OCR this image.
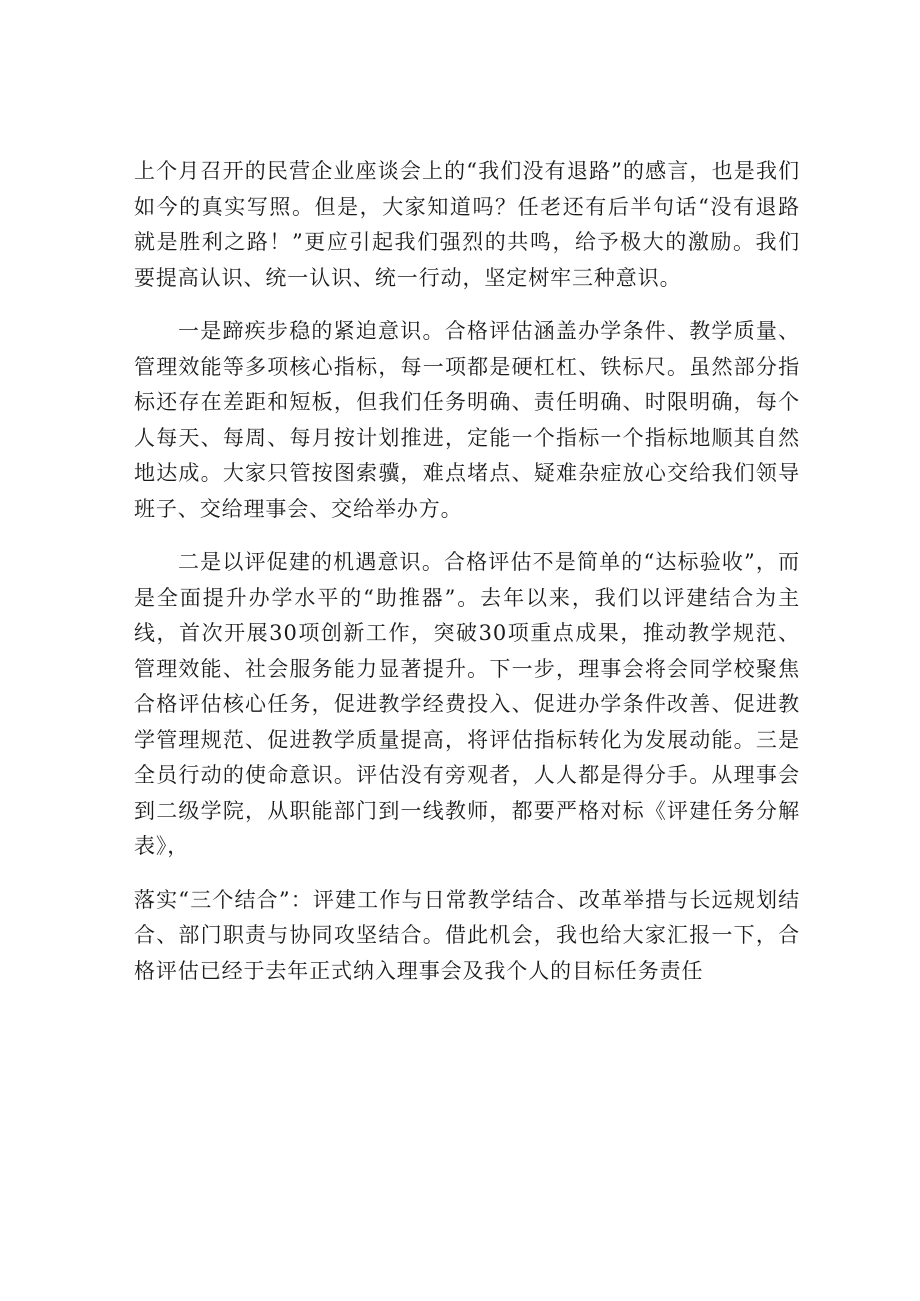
上个月召开的民营企业座谈会上的“我们没有退路”的感言，也是我们如今的真实写照。但是，大家知道吗？任老还有后半句话“没有退路就是胜利之路！”更应引起我们强烈的共鸣，给予极大的激励。我们要提高认识、统一认识、统一行动，坚定树牢三种意识。

一是蹄疾步稳的紧迫意识。合格评估涵盖办学条件、教学质量、管理效能等多项核心指标，每一项都是硬杠杠、铁标尺。虽然部分指标还存在差距和短板，但我们任务明确、责任明确、时限明确，每个人每天、每周、每月按计划推进，定能一个指标一个指标地顺其自然地达成。大家只管按图索骥，难点堵点、疑难杂症放心交给我们领导班子、交给理事会、交给举办方。

二是以评促建的机遇意识。合格评估不是简单的“达标验收”，而是全面提升办学水平的“助推器”。去年以来，我们以评建结合为主线，首次开展30项创新工作，突破30项重点成果，推动教学规范、管理效能、社会服务能力显著提升。下一步，理事会将会同学校聚焦合格评估核心任务，促进教学经费投入、促进办学条件改善、促进教学管理规范、促进教学质量提高，将评估指标转化为发展动能。三是全员行动的使命意识。评估没有旁观者，人人都是得分手。从理事会到二级学院，从职能部门到一线教师，都要严格对标《评建任务分解表》，

落实“三个结合”：评建工作与日常教学结合、改革举措与长远规划结合、部门职责与协同攻坚结合。借此机会，我也给大家汇报一下，合格评估已经于去年正式纳入理事会及我个人的目标任务责任
